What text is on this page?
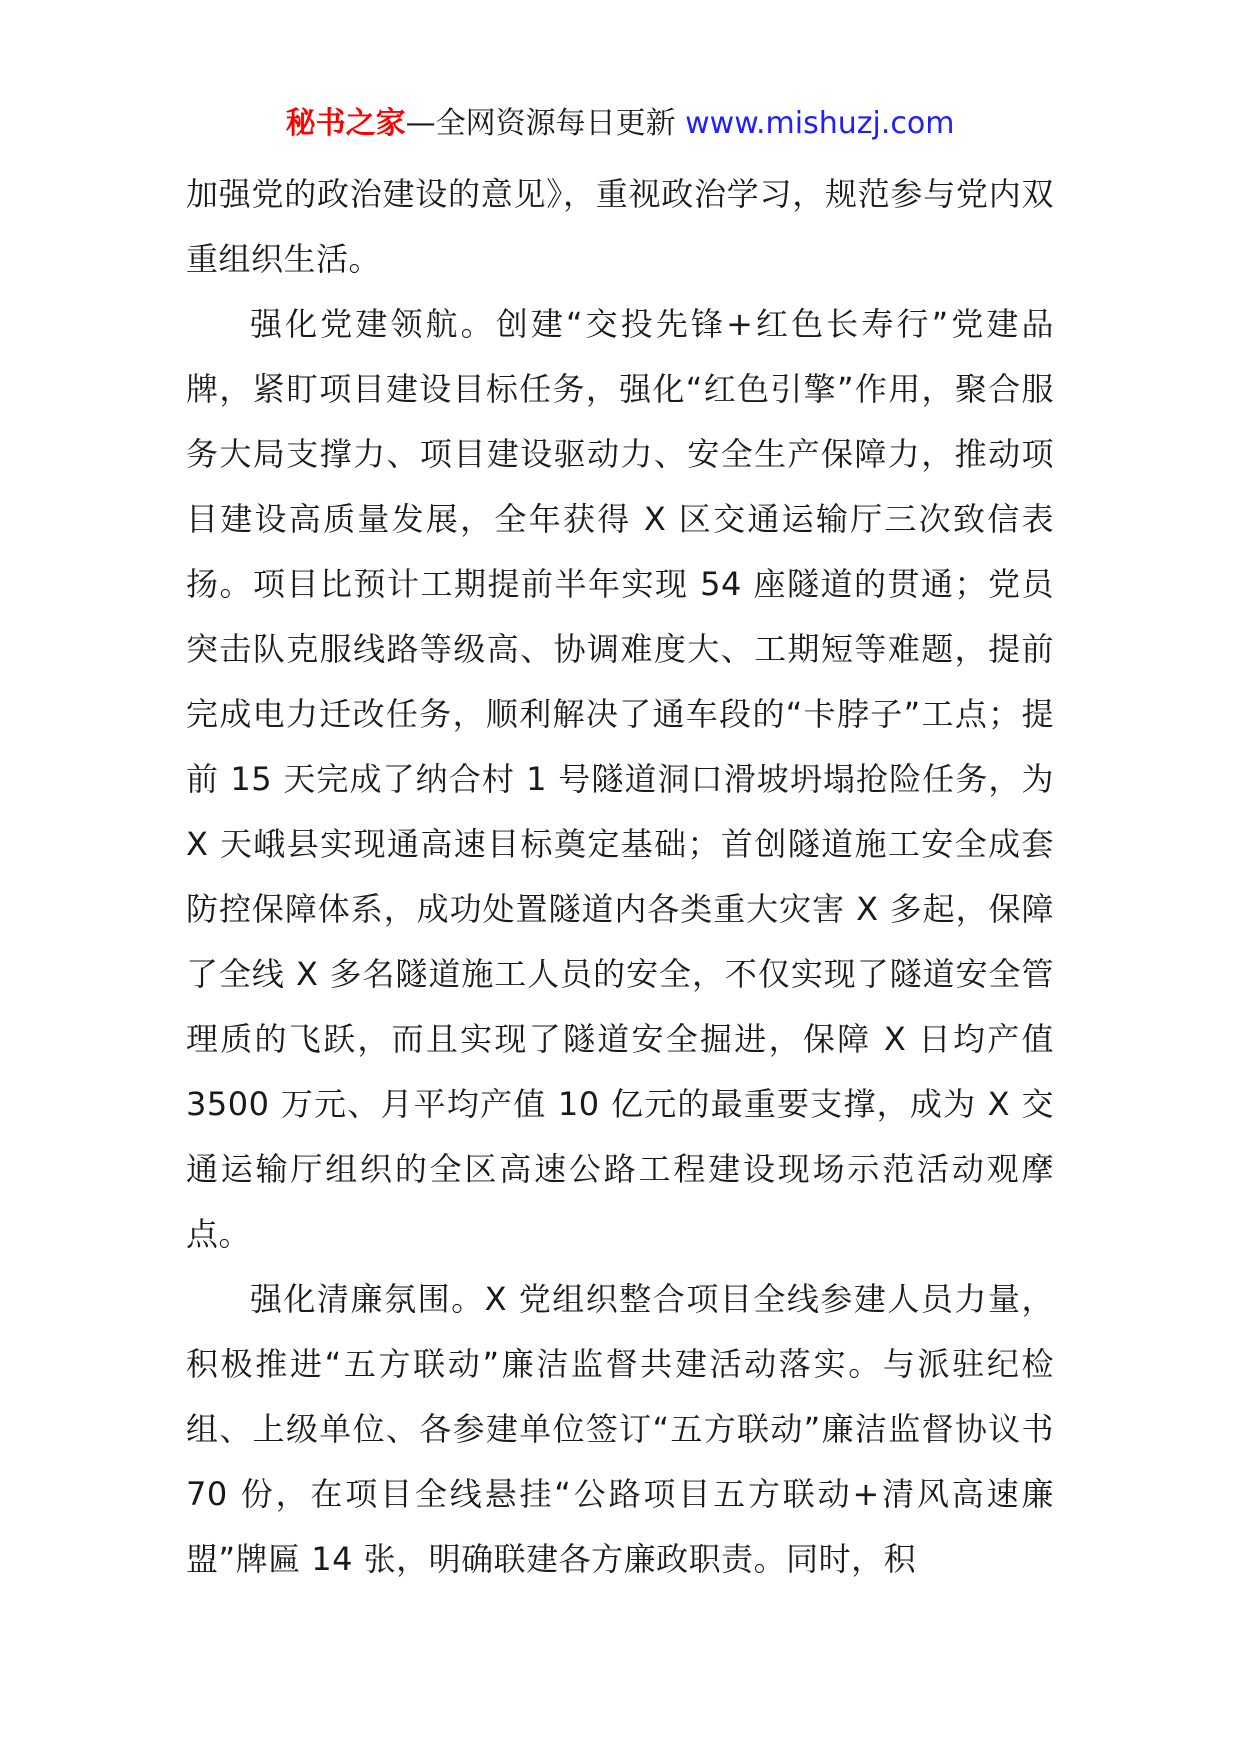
秘书之家—全网资源每日更新 www.mishuzj.com

加强党的政治建设的意见》，重视政治学习，规范参与党内双重组织生活。

强化党建领航。创建“交投先锋+红色长寿行”党建品牌，紧盯项目建设目标任务，强化“红色引擎”作用，聚合服务大局支撑力、项目建设驱动力、安全生产保障力，推动项目建设高质量发展，全年获得 X 区交通运输厅三次致信表扬。项目比预计工期提前半年实现 54 座隧道的贯通；党员突击队克服线路等级高、协调难度大、工期短等难题，提前完成电力迁改任务，顺利解决了通车段的“卡脖子”工点；提前 15 天完成了纳合村 1 号隧道洞口滑坡坍塌抢险任务，为 X 天峨县实现通高速目标奠定基础；首创隧道施工安全成套防控保障体系，成功处置隧道内各类重大灾害 X 多起，保障了全线 X 多名隧道施工人员的安全，不仅实现了隧道安全管理质的飞跃，而且实现了隧道安全掘进，保障 X 日均产值 3500 万元、月平均产值 10 亿元的最重要支撑，成为 X 交通运输厅组织的全区高速公路工程建设现场示范活动观摩点。

强化清廉氛围。X 党组织整合项目全线参建人员力量，积极推进“五方联动”廉洁监督共建活动落实。与派驻纪检组、上级单位、各参建单位签订“五方联动”廉洁监督协议书 70 份，在项目全线悬挂“公路项目五方联动+清风高速廉盟”牌匾 14 张，明确联建各方廉政职责。同时，积
